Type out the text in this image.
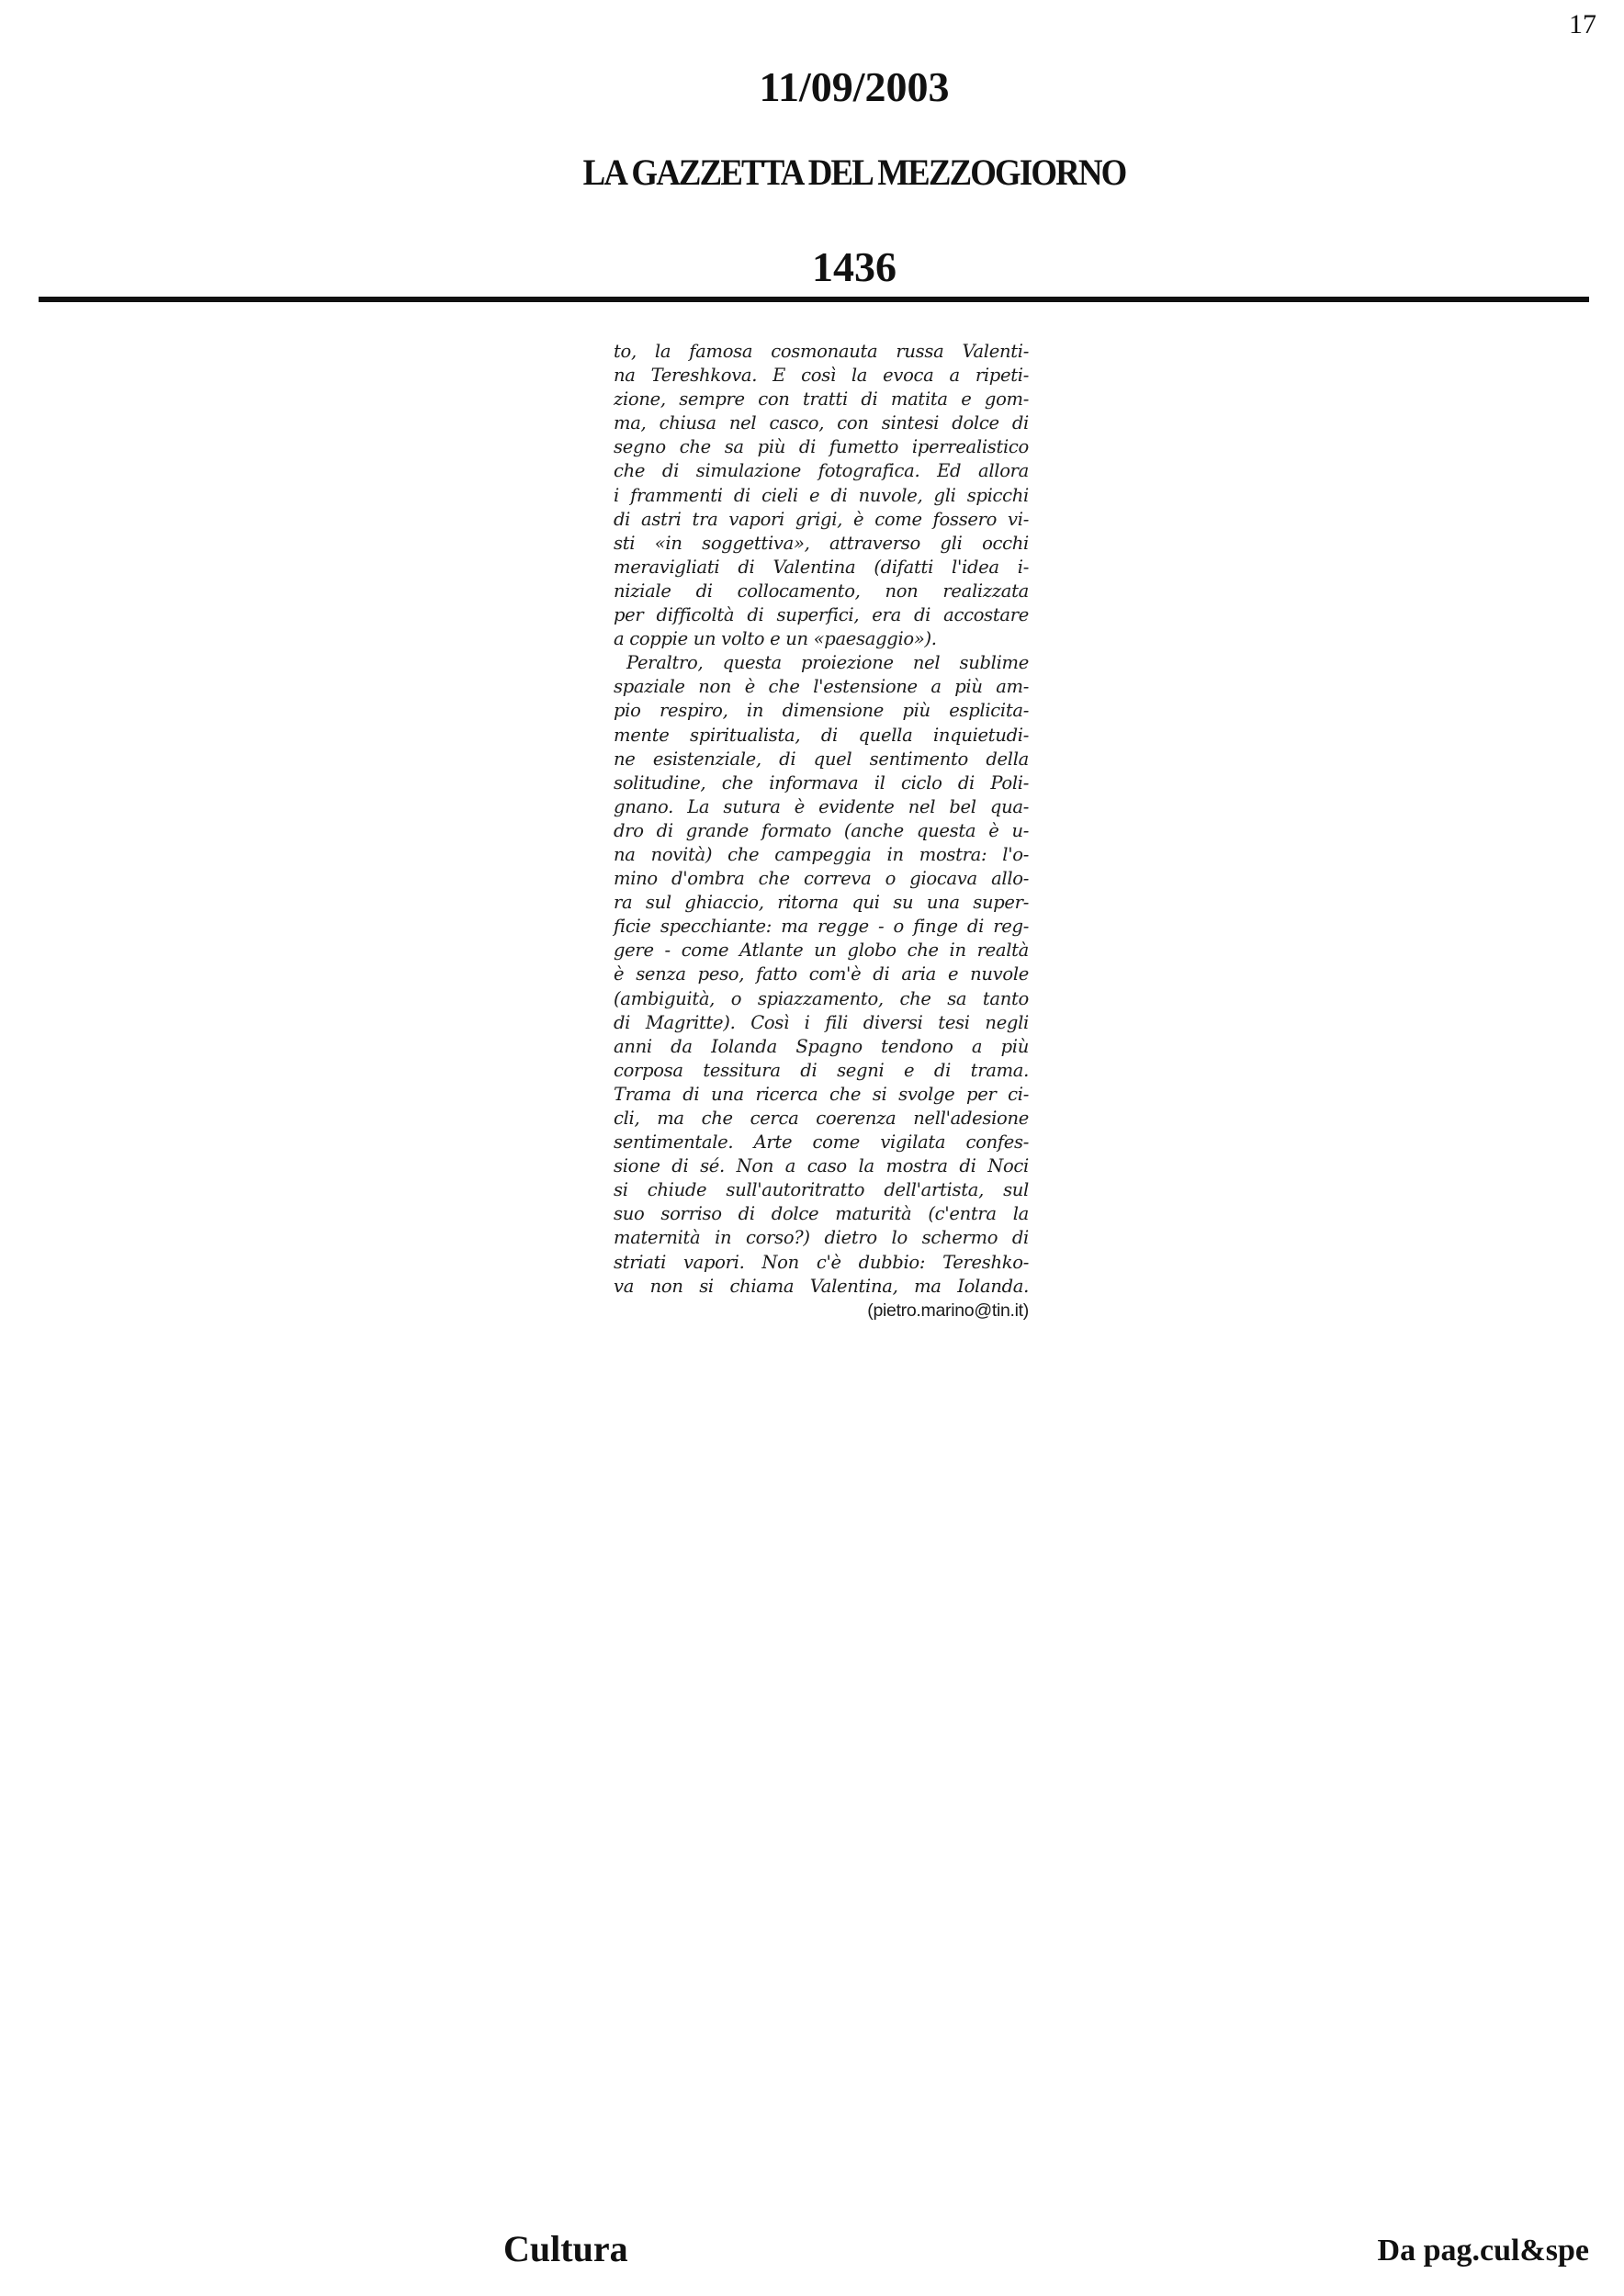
17
11/09/2003
LA GAZZETTA DEL MEZZOGIORNO
1436
to, la famosa cosmonauta russa Valenti-
na Tereshkova. E così la evoca a ripeti-
zione, sempre con tratti di matita e gom-
ma, chiusa nel casco, con sintesi dolce di
segno che sa più di fumetto iperrealistico
che di simulazione fotografica. Ed allora
i frammenti di cieli e di nuvole, gli spicchi
di astri tra vapori grigi, è come fossero vi-
sti «in soggettiva», attraverso gli occhi
meravigliati di Valentina (difatti l'idea i-
niziale di collocamento, non realizzata
per difficoltà di superfici, era di accostare
a coppie un volto e un «paesaggio»).
Peraltro, questa proiezione nel sublime
spaziale non è che l'estensione a più am-
pio respiro, in dimensione più esplicita-
mente spiritualista, di quella inquietudi-
ne esistenziale, di quel sentimento della
solitudine, che informava il ciclo di Poli-
gnano. La sutura è evidente nel bel qua-
dro di grande formato (anche questa è u-
na novità) che campeggia in mostra: l'o-
mino d'ombra che correva o giocava allo-
ra sul ghiaccio, ritorna qui su una super-
ficie specchiante: ma regge - o finge di reg-
gere - come Atlante un globo che in realtà
è senza peso, fatto com'è di aria e nuvole
(ambiguità, o spiazzamento, che sa tanto
di Magritte). Così i fili diversi tesi negli
anni da Iolanda Spagno tendono a più
corposa tessitura di segni e di trama.
Trama di una ricerca che si svolge per ci-
cli, ma che cerca coerenza nell'adesione
sentimentale. Arte come vigilata confes-
sione di sé. Non a caso la mostra di Noci
si chiude sull'autoritratto dell'artista, sul
suo sorriso di dolce maturità (c'entra la
maternità in corso?) dietro lo schermo di
striati vapori. Non c'è dubbio: Tereshko-
va non si chiama Valentina, ma Iolanda.
(pietro.marino@tin.it)
Cultura	Da pag.cul&spe
